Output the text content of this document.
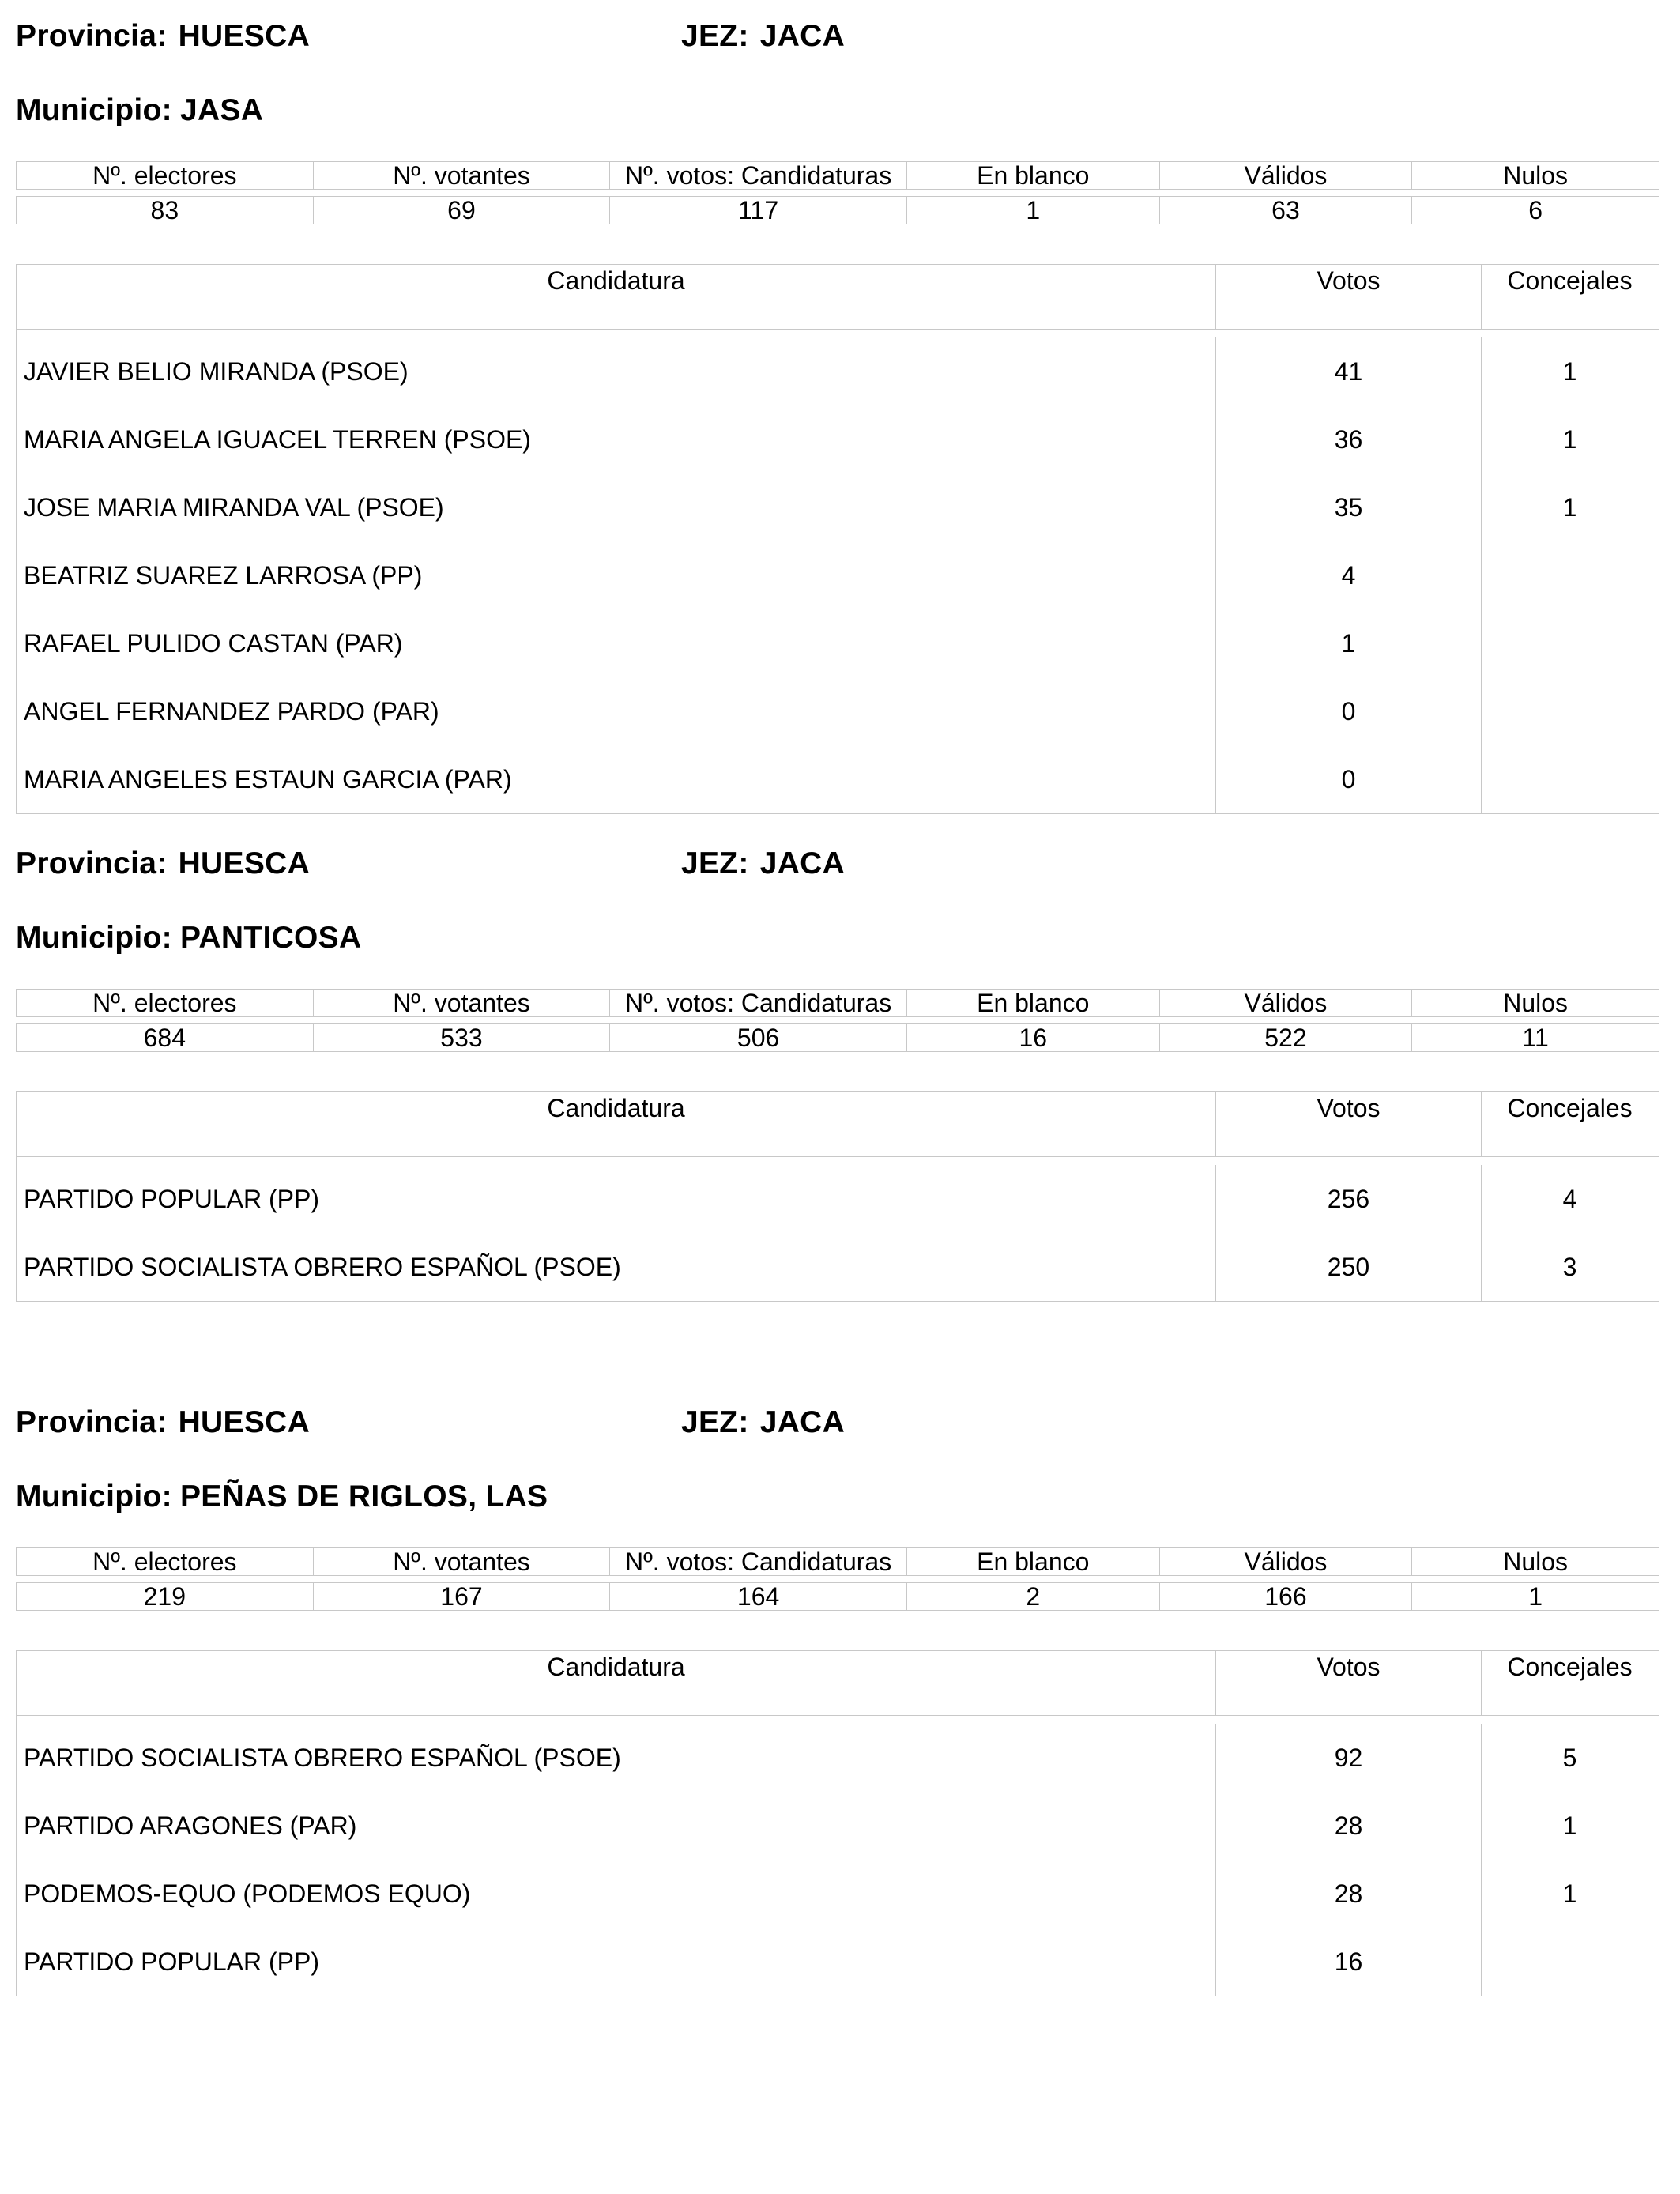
Provincia: HUESCA	JEZ: JACA
Municipio: JASA
Nº. electores	Nº. votantes	Nº. votos: Candidaturas	En blanco	Válidos	Nulos
83	69	117	1	63	6
Candidatura	Votos	Concejales
JAVIER BELIO MIRANDA (PSOE)	41	1
MARIA ANGELA IGUACEL TERREN (PSOE)	36	1
JOSE MARIA MIRANDA VAL (PSOE)	35	1
BEATRIZ SUAREZ LARROSA (PP)	4
RAFAEL PULIDO CASTAN (PAR)	1
ANGEL FERNANDEZ PARDO (PAR)	0
MARIA ANGELES ESTAUN GARCIA (PAR)	0
Provincia: HUESCA	JEZ: JACA
Municipio: PANTICOSA
Nº. electores	Nº. votantes	Nº. votos: Candidaturas	En blanco	Válidos	Nulos
684	533	506	16	522	11
Candidatura	Votos	Concejales
PARTIDO POPULAR (PP)	256	4
PARTIDO SOCIALISTA OBRERO ESPAÑOL (PSOE)	250	3
Provincia: HUESCA	JEZ: JACA
Municipio: PEÑAS DE RIGLOS, LAS
Nº. electores	Nº. votantes	Nº. votos: Candidaturas	En blanco	Válidos	Nulos
219	167	164	2	166	1
Candidatura	Votos	Concejales
PARTIDO SOCIALISTA OBRERO ESPAÑOL (PSOE)	92	5
PARTIDO ARAGONES (PAR)	28	1
PODEMOS-EQUO (PODEMOS EQUO)	28	1
PARTIDO POPULAR (PP)	16
